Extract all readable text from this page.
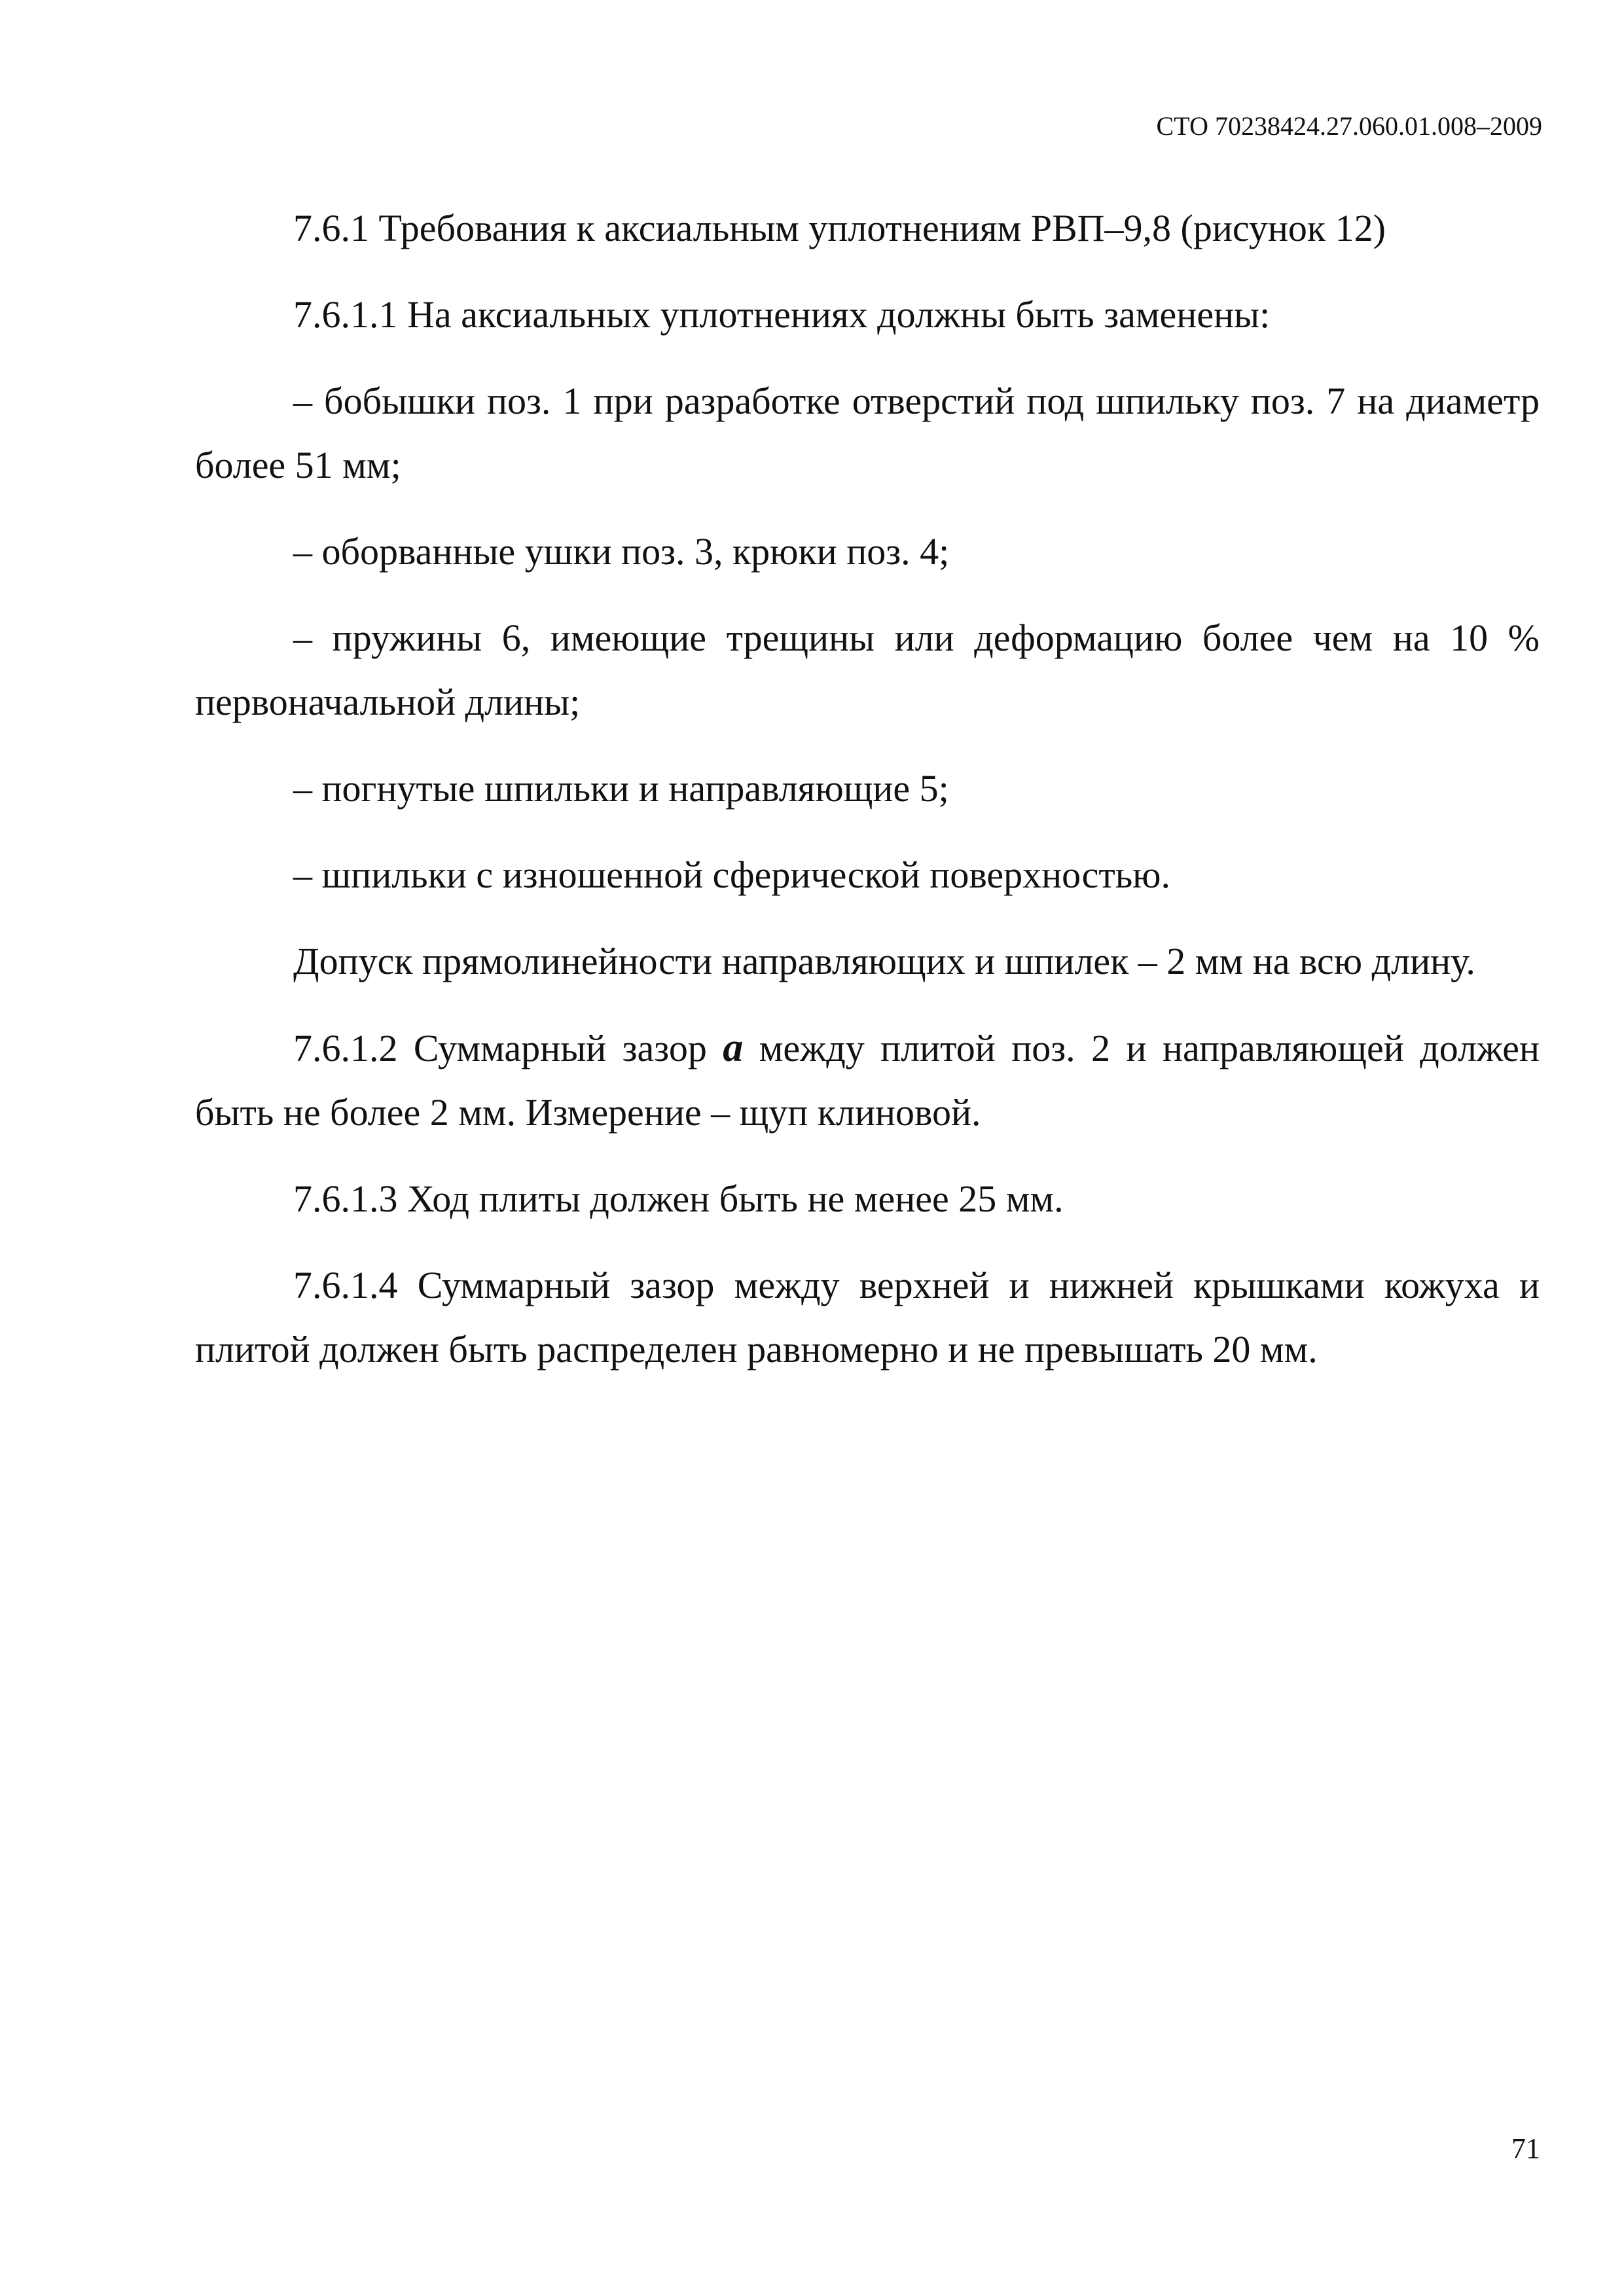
СТО 70238424.27.060.01.008–2009

7.6.1 Требования к аксиальным уплотнениям РВП–9,8 (рисунок 12)

7.6.1.1 На аксиальных уплотнениях должны быть заменены:

– бобышки поз. 1 при разработке отверстий под шпильку поз. 7 на диаметр более 51 мм;

– оборванные ушки поз. 3, крюки поз. 4;

– пружины 6, имеющие трещины или деформацию более чем на 10 % первоначальной длины;

– погнутые шпильки и направляющие 5;

– шпильки с изношенной сферической поверхностью.

Допуск прямолинейности направляющих и шпилек – 2 мм на всю длину.

7.6.1.2 Суммарный зазор a между плитой поз. 2 и направляющей должен быть не более 2 мм. Измерение – щуп клиновой.

7.6.1.3 Ход плиты должен быть не менее 25 мм.

7.6.1.4 Суммарный зазор между верхней и нижней крышками кожуха и плитой должен быть распределен равномерно и не превышать 20 мм.

71
